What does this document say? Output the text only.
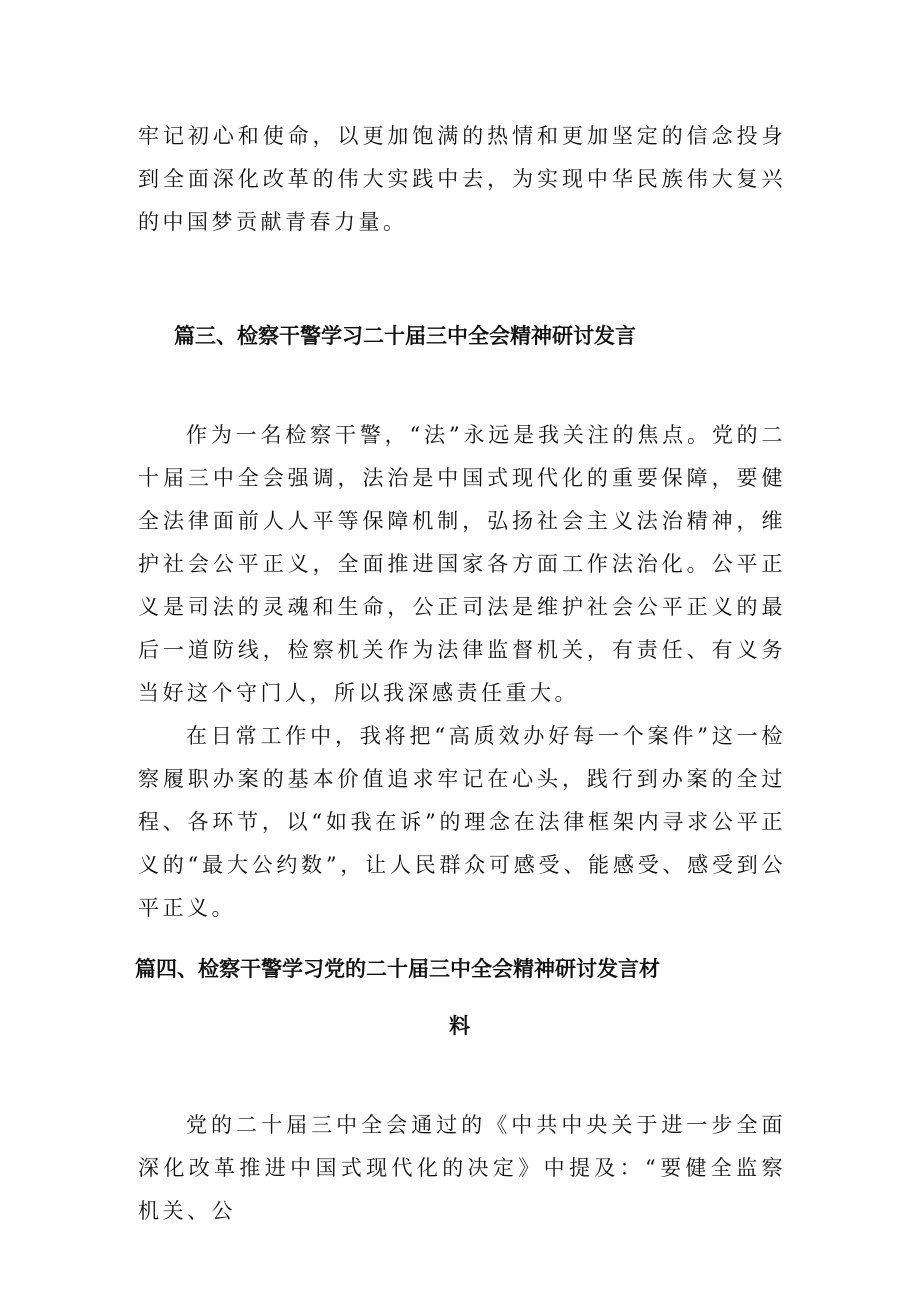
牢记初心和使命，以更加饱满的热情和更加坚定的信念投身到全面深化改革的伟大实践中去，为实现中华民族伟大复兴的中国梦贡献青春力量。

篇三、检察干警学习二十届三中全会精神研讨发言

作为一名检察干警，“法”永远是我关注的焦点。党的二十届三中全会强调，法治是中国式现代化的重要保障，要健全法律面前人人平等保障机制，弘扬社会主义法治精神，维护社会公平正义，全面推进国家各方面工作法治化。公平正义是司法的灵魂和生命，公正司法是维护社会公平正义的最后一道防线，检察机关作为法律监督机关，有责任、有义务当好这个守门人，所以我深感责任重大。

在日常工作中，我将把“高质效办好每一个案件”这一检察履职办案的基本价值追求牢记在心头，践行到办案的全过程、各环节，以“如我在诉”的理念在法律框架内寻求公平正义的“最大公约数”，让人民群众可感受、能感受、感受到公平正义。

篇四、检察干警学习党的二十届三中全会精神研讨发言材
料

党的二十届三中全会通过的《中共中央关于进一步全面深化改革推进中国式现代化的决定》中提及：“要健全监察机关、公
